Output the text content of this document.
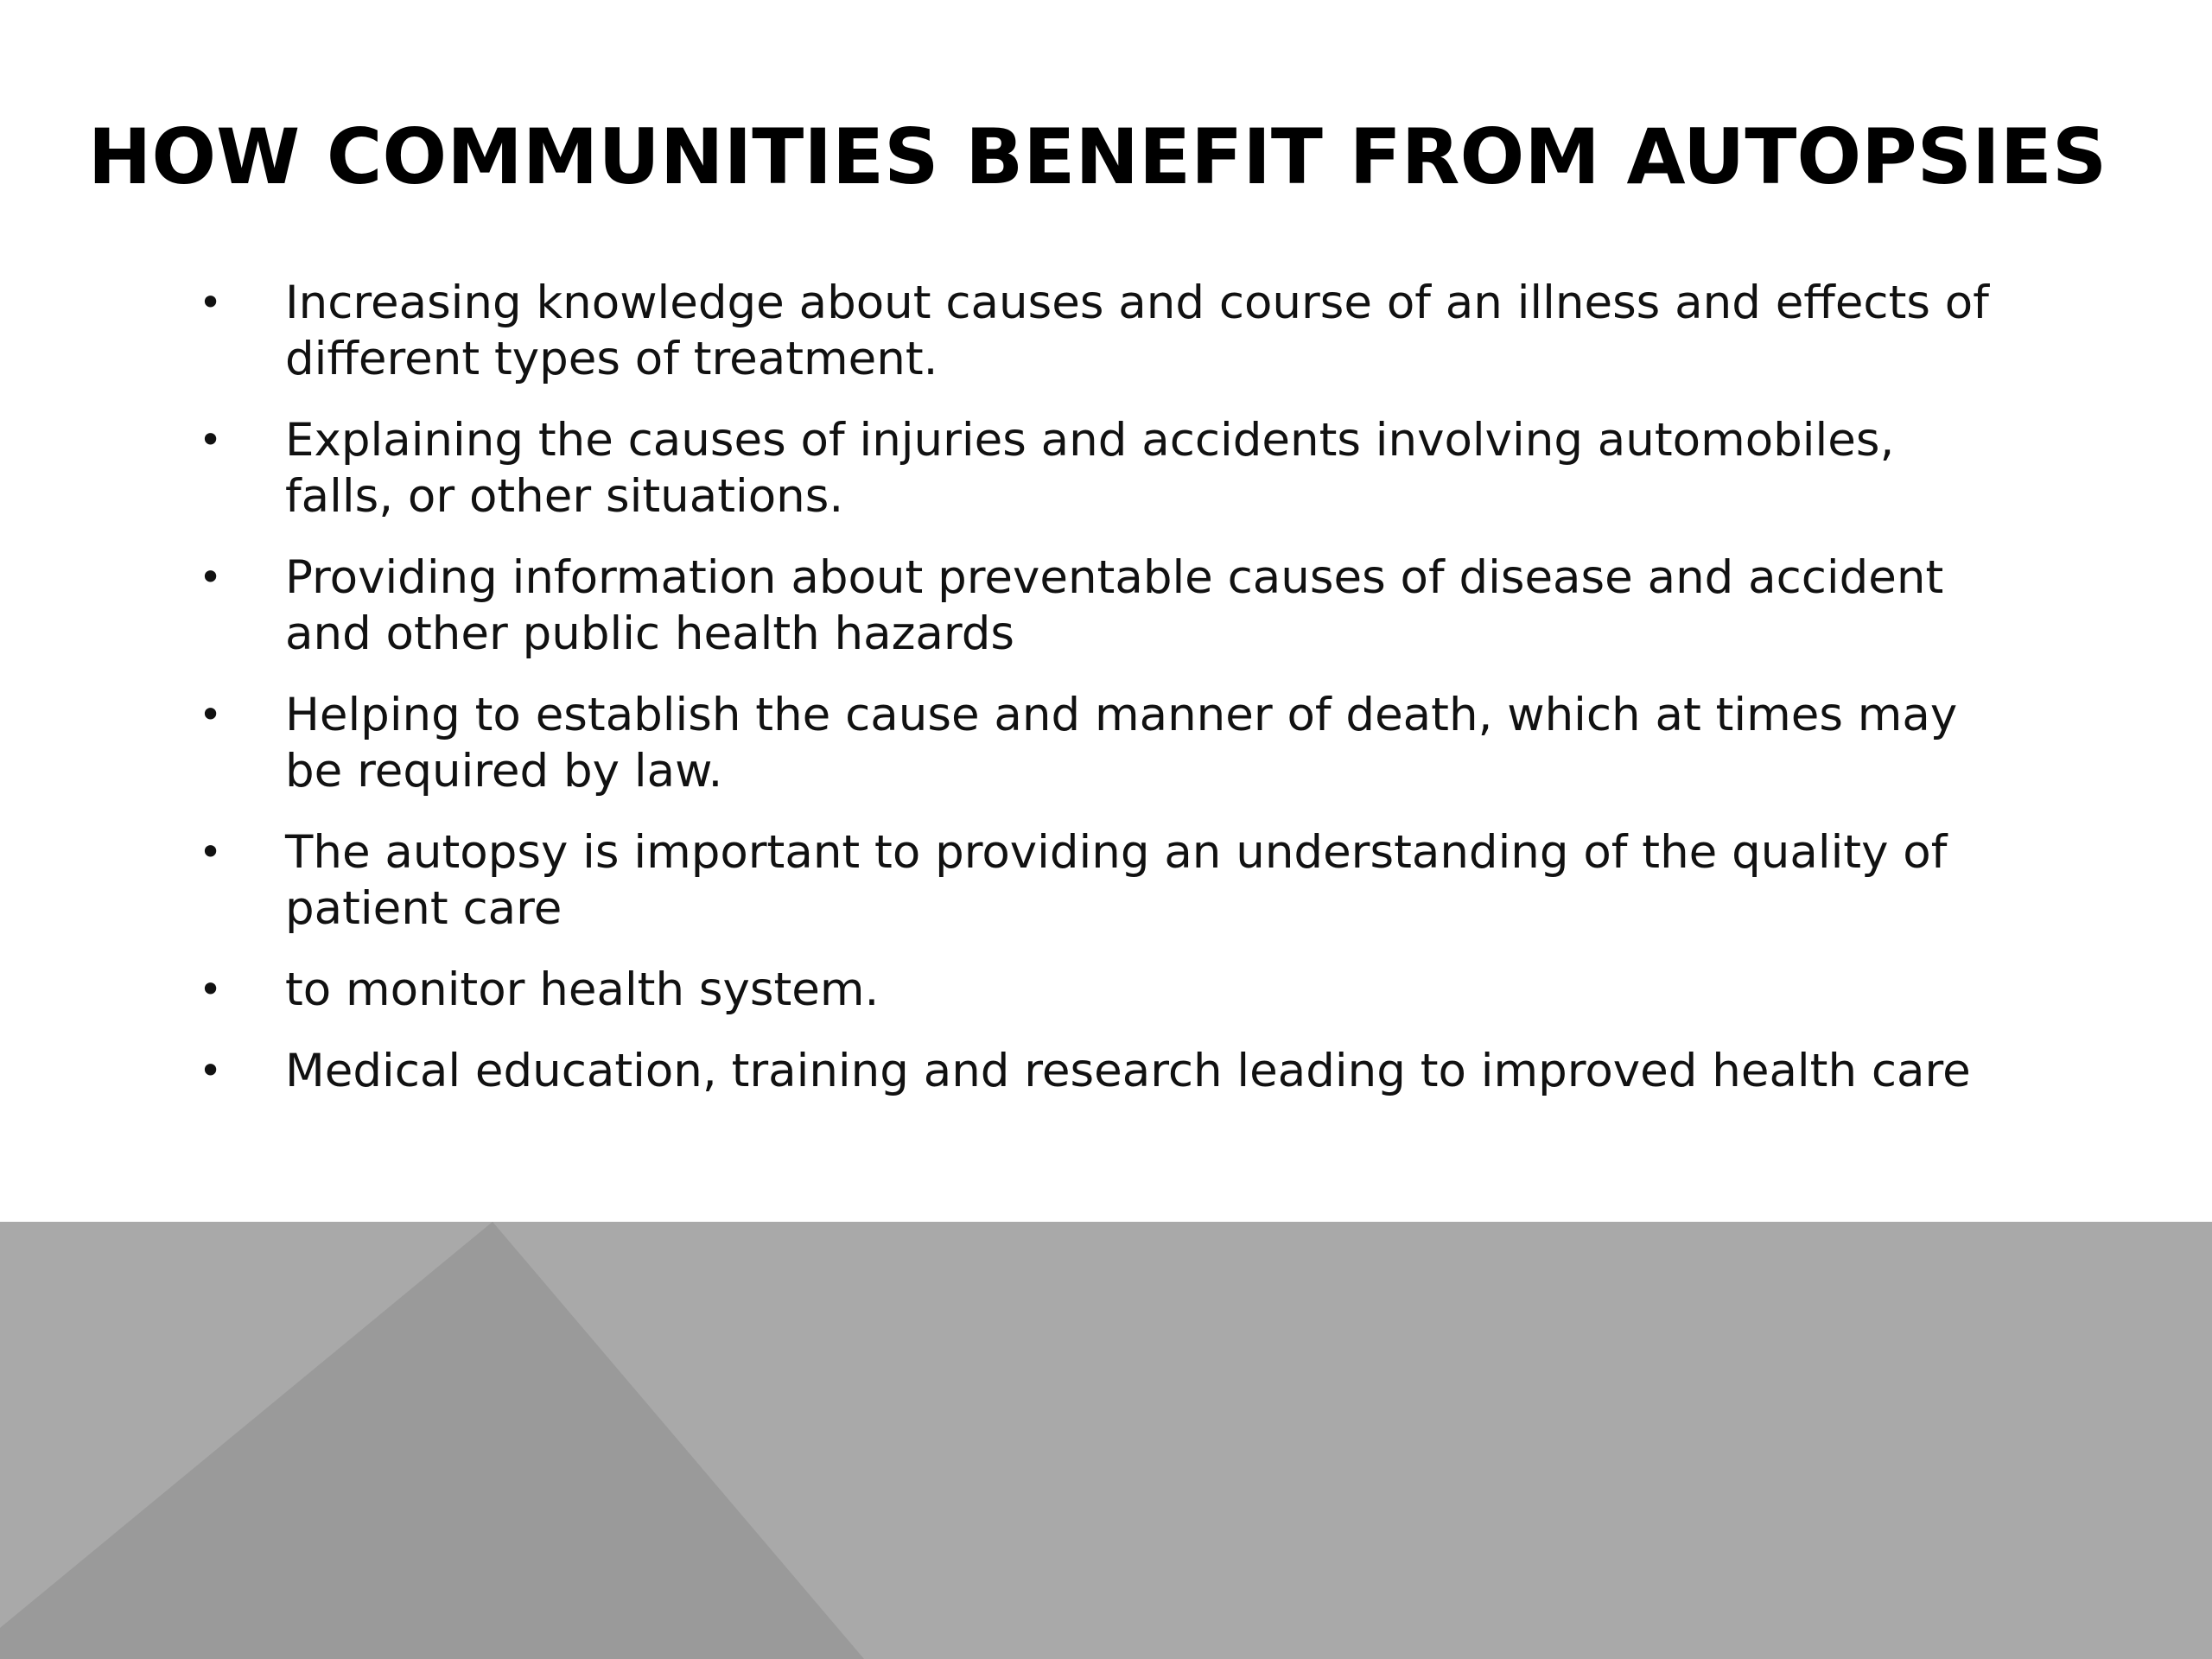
HOW COMMUNITIES BENEFIT FROM AUTOPSIES
• Increasing knowledge about causes and course of an illness and effects of different types of treatment.
• Explaining the causes of injuries and accidents involving automobiles, falls, or other situations.
• Providing information about preventable causes of disease and accident and other public health hazards
• Helping to establish the cause and manner of death, which at times may be required by law.
• The autopsy is important to providing an understanding of the quality of patient care
• to monitor health system.
• Medical education, training and research leading to improved health care
